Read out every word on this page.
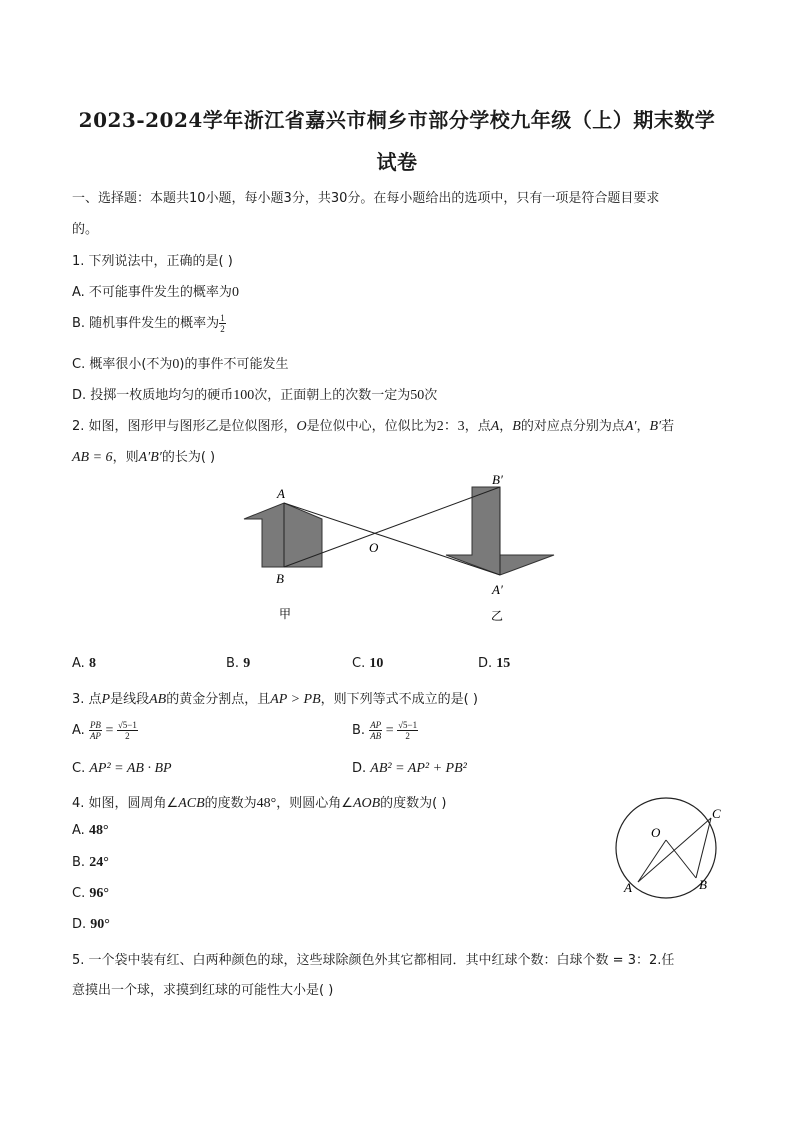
2023-2024学年浙江省嘉兴市桐乡市部分学校九年级（上）期末数学
试卷
一、选择题：本题共10小题，每小题3分，共30分。在每小题给出的选项中，只有一项是符合题目要求
的。
1. 下列说法中，正确的是( )
A. 不可能事件发生的概率为0
B. 随机事件发生的概率为 $\frac{1}{2}$
C. 概率很小(不为0)的事件不可能发生
D. 投掷一枚质地均匀的硬币100次，正面朝上的次数一定为50次
2. 如图，图形甲与图形乙是位似图形，O是位似中心，位似比为2：3，点A，B的对应点分别为点A′，B′若
AB = 6，则A′B′的长为( )
A
B
O
B′
A′
甲	乙
A. 8	B. 9	C. 10	D. 15
3. 点P是线段AB的黄金分割点，且AP > PB，则下列等式不成立的是( )
A. $\frac{PB}{AP} = \frac{√5-1}{2}$	B. $\frac{AP}{AB} = \frac{√5-1}{2}$
C. AP² = AB · BP	D. AB² = AP² + PB²
4. 如图，圆周角∠ACB的度数为48°，则圆心角∠AOB的度数为( )
A. 48°
B. 24°
C. 96°
D. 90°
O
A	B
C
5. 一个袋中装有红、白两种颜色的球，这些球除颜色外其它都相同．其中红球个数：白球个数 = 3：2.任
意摸出一个球，求摸到红球的可能性大小是( )
